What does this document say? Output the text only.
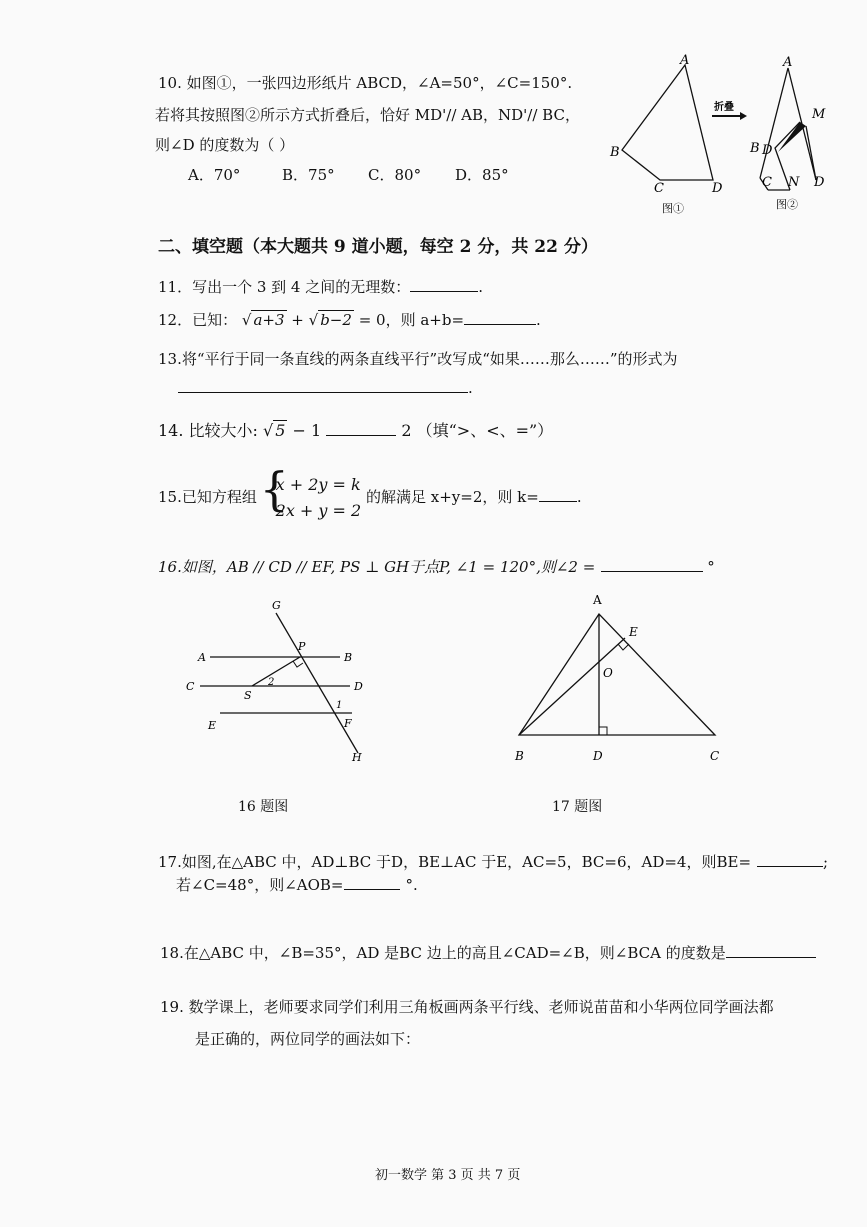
10. 如图①，一张四边形纸片 ABCD，∠A=50°，∠C=150°.
若将其按照图②所示方式折叠后，恰好 MD'// AB，ND'// BC，
则∠D 的度数为（ ）
A．70°	B．75° C．80° D．85°
A
B
C	D
图①
折叠
A
B
C
D
M
N D
图②
二、填空题（本大题共 9 道小题，每空 2 分，共 22 分）
11．写出一个 3 到 4 之间的无理数：	.
12．已知： √ a+3 + √ b−2 = 0，则 a+b=	.
13.将“平行于同一条直线的两条直线平行”改写成“如果……那么……”的形式为
.
14. 比较大小: √ 5 − 1	2 （填“>、<、=”）
15.已知方程组
{ x + 2y = k
2x + y = 2
的解满足 x+y=2，则 k=	.
16.如图，AB // CD // EF, PS ⊥ GH于点P, ∠1 = 120°,则∠2 =	°
G
P
A	B
C	D
S
2
1
E	F
H
16 题图
A
E
O
B	D	C
17 题图
17.如图,在△ABC 中，AD⊥BC 于D，BE⊥AC 于E，AC=5，BC=6，AD=4，则BE=	;
若∠C=48°，则∠AOB=	°.
18.在△ABC 中，∠B=35°，AD 是BC 边上的高且∠CAD=∠B，则∠BCA 的度数是
19. 数学课上，老师要求同学们利用三角板画两条平行线、老师说苗苗和小华两位同学画法都
是正确的，两位同学的画法如下：
初一数学 第 3 页 共 7 页
